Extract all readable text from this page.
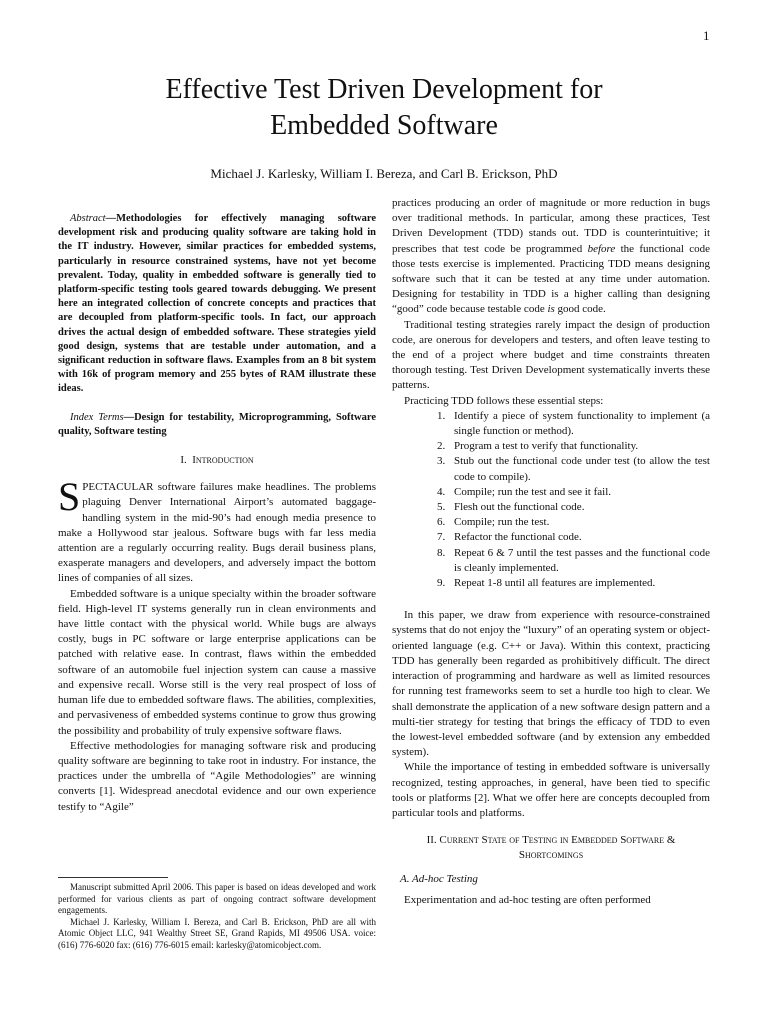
1
Effective Test Driven Development for
Embedded Software
Michael J. Karlesky, William I. Bereza, and Carl B. Erickson, PhD

Abstract—Methodologies for effectively managing software development risk and producing quality software are taking hold in the IT industry. However, similar practices for embedded systems, particularly in resource constrained systems, have not yet become prevalent. Today, quality in embedded software is generally tied to platform-specific testing tools geared towards debugging. We present here an integrated collection of concrete concepts and practices that are decoupled from platform-specific tools. In fact, our approach drives the actual design of embedded software. These strategies yield good design, systems that are testable under automation, and a significant reduction in software flaws. Examples from an 8 bit system with 16k of program memory and 255 bytes of RAM illustrate these ideas.

Index Terms—Design for testability, Microprogramming, Software quality, Software testing

I. Introduction

SPECTACULAR software failures make headlines. The problems plaguing Denver International Airport’s automated baggage-handling system in the mid-90’s had enough media presence to make a Hollywood star jealous. Software bugs with far less media attention are a regularly occurring reality. Bugs derail business plans, exasperate managers and developers, and adversely impact the bottom lines of companies of all sizes.

Embedded software is a unique specialty within the broader software field. High-level IT systems generally run in clean environments and have little contact with the physical world. While bugs are always costly, bugs in PC software or large enterprise applications can be patched with relative ease. In contrast, flaws within the embedded software of an automobile fuel injection system can cause a massive and expensive recall. Worse still is the very real prospect of loss of human life due to embedded software flaws. The abilities, complexities, and pervasiveness of embedded systems continue to grow thus growing the possibility and probability of truly expensive software flaws.

Effective methodologies for managing software risk and producing quality software are beginning to take root in industry. For instance, the practices under the umbrella of “Agile Methodologies” are winning converts [1]. Widespread anecdotal evidence and our own experience testify to “Agile”

Manuscript submitted April 2006. This paper is based on ideas developed and work performed for various clients as part of ongoing contract software development engagements.

Michael J. Karlesky, William I. Bereza, and Carl B. Erickson, PhD are all with Atomic Object LLC, 941 Wealthy Street SE, Grand Rapids, MI 49506 USA. voice: (616) 776-6020 fax: (616) 776-6015 email: karlesky@atomicobject.com.

practices producing an order of magnitude or more reduction in bugs over traditional methods. In particular, among these practices, Test Driven Development (TDD) stands out. TDD is counterintuitive; it prescribes that test code be programmed before the functional code those tests exercise is implemented. Practicing TDD means designing software such that it can be tested at any time under automation. Designing for testability in TDD is a higher calling than designing “good” code because testable code is good code.

Traditional testing strategies rarely impact the design of production code, are onerous for developers and testers, and often leave testing to the end of a project where budget and time constraints threaten thorough testing. Test Driven Development systematically inverts these patterns.

Practicing TDD follows these essential steps:

1. Identify a piece of system functionality to implement (a single function or method).
2. Program a test to verify that functionality.
3. Stub out the functional code under test (to allow the test code to compile).
4. Compile; run the test and see it fail.
5. Flesh out the functional code.
6. Compile; run the test.
7. Refactor the functional code.
8. Repeat 6 & 7 until the test passes and the functional code is cleanly implemented.
9. Repeat 1-8 until all features are implemented.

In this paper, we draw from experience with resource-constrained systems that do not enjoy the “luxury” of an operating system or object-oriented language (e.g. C++ or Java). Within this context, practicing TDD has generally been regarded as prohibitively difficult. The direct interaction of programming and hardware as well as limited resources for running test frameworks seem to set a hurdle too high to clear. We shall demonstrate the application of a new software design pattern and a multi-tier strategy for testing that brings the efficacy of TDD to even the lowest-level embedded software (and by extension any embedded system).

While the importance of testing in embedded software is universally recognized, testing approaches, in general, have been tied to specific tools or platforms [2]. What we offer here are concepts decoupled from particular tools and platforms.

II. Current State of Testing in Embedded Software &
Shortcomings
A. Ad-hoc Testing

Experimentation and ad-hoc testing are often performed
